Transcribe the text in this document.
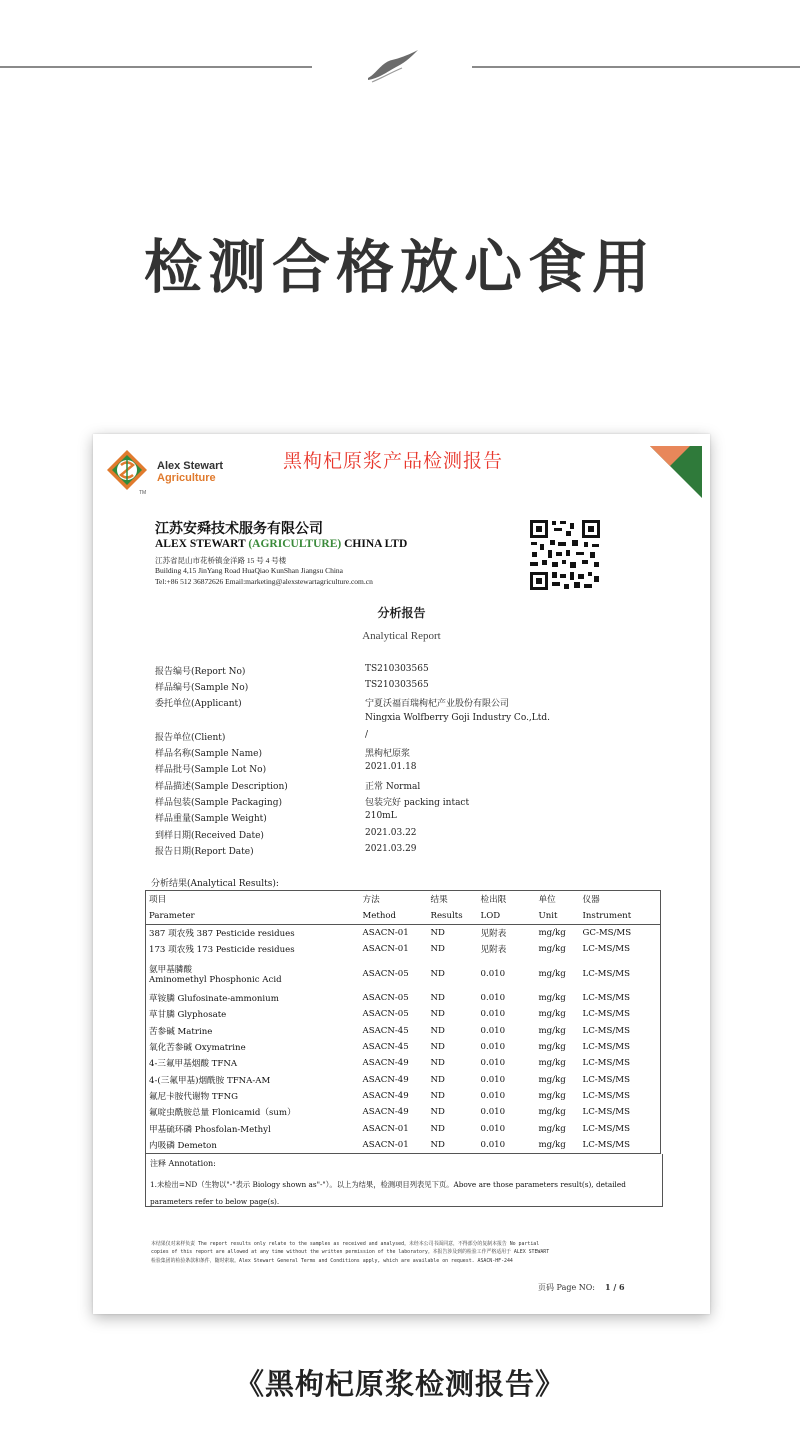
检测合格放心食用
TM
Alex Stewart
Agriculture
黑枸杞原浆产品检测报告
江苏安舜技术服务有限公司
ALEX STEWART (AGRICULTURE) CHINA LTD
江苏省昆山市花桥镇金洋路 15 号 4 号楼
Building 4,15 JinYang Road HuaQiao KunShan Jiangsu China
Tel:+86 512 36872626 Email:marketing@alexstewartagriculture.com.cn
分析报告
Analytical Report
报告编号(Report No)	TS210303565
样品编号(Sample No)	TS210303565
委托单位(Applicant)	宁夏沃福百瑞枸杞产业股份有限公司
Ningxia Wolfberry Goji Industry Co.,Ltd.
报告单位(Client)	/
样品名称(Sample Name)	黑枸杞原浆
样品批号(Sample Lot No)	2021.01.18
样品描述(Sample Description)	正常 Normal
样品包装(Sample Packaging)	包装完好 packing intact
样品重量(Sample Weight)	210mL
到样日期(Received Date)	2021.03.22
报告日期(Report Date)	2021.03.29
分析结果(Analytical Results):
项目	方法	结果	检出限	单位	仪器
Parameter	Method	Results	LOD	Unit	Instrument
387 项农残 387 Pesticide residues	ASACN-01	ND	见附表	mg/kg	GC-MS/MS
173 项农残 173 Pesticide residues	ASACN-01	ND	见附表	mg/kg	LC-MS/MS

氨甲基膦酸
Aminomethyl Phosphonic Acid	ASACN-05	ND	0.010	mg/kg	LC-MS/MS
草铵膦 Glufosinate-ammonium	ASACN-05	ND	0.010	mg/kg	LC-MS/MS
草甘膦 Glyphosate	ASACN-05	ND	0.010	mg/kg	LC-MS/MS
苦参碱 Matrine	ASACN-45	ND	0.010	mg/kg	LC-MS/MS
氧化苦参碱 Oxymatrine	ASACN-45	ND	0.010	mg/kg	LC-MS/MS
4-三氟甲基烟酸 TFNA	ASACN-49	ND	0.010	mg/kg	LC-MS/MS
4-(三氟甲基)烟酰胺 TFNA-AM	ASACN-49	ND	0.010	mg/kg	LC-MS/MS
氟尼卡胺代谢物 TFNG	ASACN-49	ND	0.010	mg/kg	LC-MS/MS
氟啶虫酰胺总量 Flonicamid（sum）	ASACN-49	ND	0.010	mg/kg	LC-MS/MS
甲基硫环磷 Phosfolan-Methyl	ASACN-01	ND	0.010	mg/kg	LC-MS/MS
内吸磷 Demeton	ASACN-01	ND	0.010	mg/kg	LC-MS/MS
注释 Annotation:
1.未检出=ND（生物以"-"表示 Biology shown as"-"）。以上为结果，检测项目列表见下页。Above are those parameters result(s), detailed
parameters refer to below page(s).
本结果仅对来样负责 The report results only relate to the samples as received and analysed。未经本公司书面同意，不得部分的复制本报告 No partial
copies of this report are allowed at any time without the written permission of the laboratory。本报告涉及到的检验工作严格适用于 ALEX STEWART
检验集团的检验条款和条件，随时索取。Alex Stewart General Terms and Conditions apply, which are available on request. ASACN-HF-244
页码 Page NO: 1 / 6
《黑枸杞原浆检测报告》
